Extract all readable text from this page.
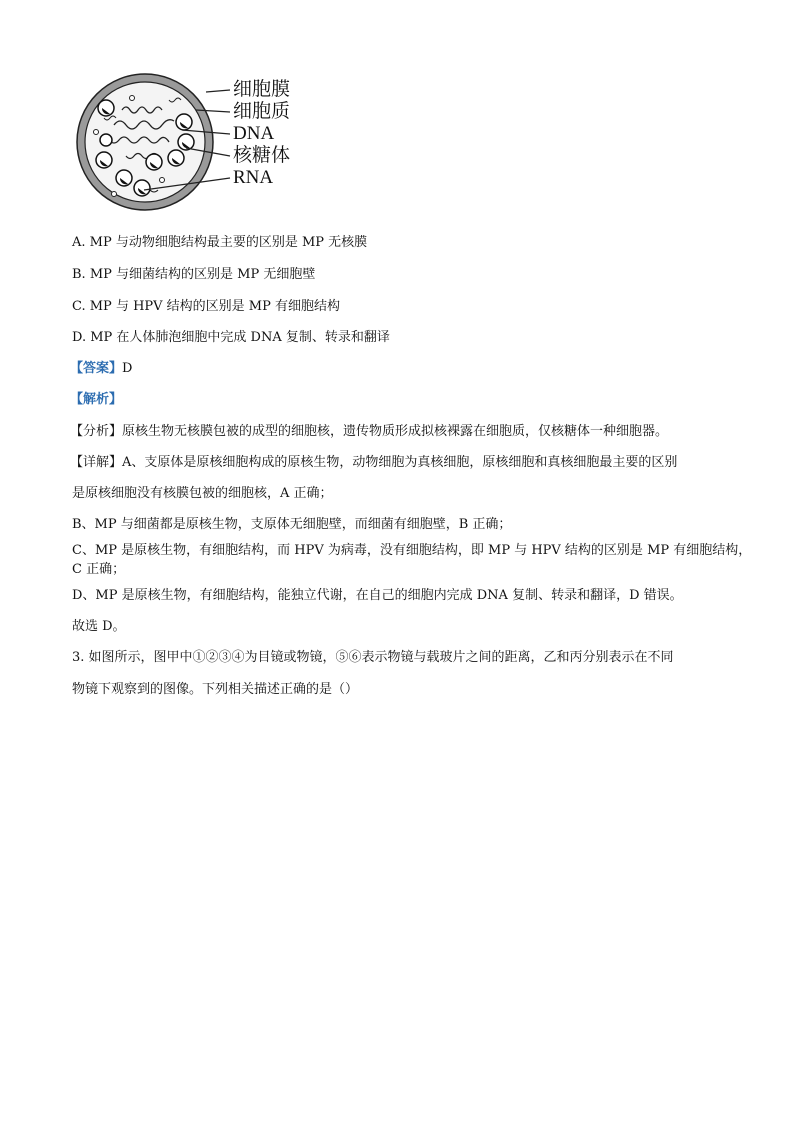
细胞膜
细胞质
DNA
核糖体
RNA
A. MP 与动物细胞结构最主要的区别是 MP 无核膜
B. MP 与细菌结构的区别是 MP 无细胞壁
C. MP 与 HPV 结构的区别是 MP 有细胞结构
D. MP 在人体肺泡细胞中完成 DNA 复制、转录和翻译
【答案】D
【解析】
【分析】原核生物无核膜包被的成型的细胞核，遗传物质形成拟核裸露在细胞质，仅核糖体一种细胞器。
【详解】A、支原体是原核细胞构成的原核生物，动物细胞为真核细胞，原核细胞和真核细胞最主要的区别
是原核细胞没有核膜包被的细胞核，A 正确；
B、MP 与细菌都是原核生物，支原体无细胞壁，而细菌有细胞壁，B 正确；
C、MP 是原核生物，有细胞结构，而 HPV 为病毒，没有细胞结构，即 MP 与 HPV 结构的区别是 MP 有细胞结构，
C 正确；
D、MP 是原核生物，有细胞结构，能独立代谢，在自己的细胞内完成 DNA 复制、转录和翻译，D 错误。
故选 D。
3. 如图所示，图甲中①②③④为目镜或物镜，⑤⑥表示物镜与载玻片之间的距离，乙和丙分别表示在不同
物镜下观察到的图像。下列相关描述正确的是（）
